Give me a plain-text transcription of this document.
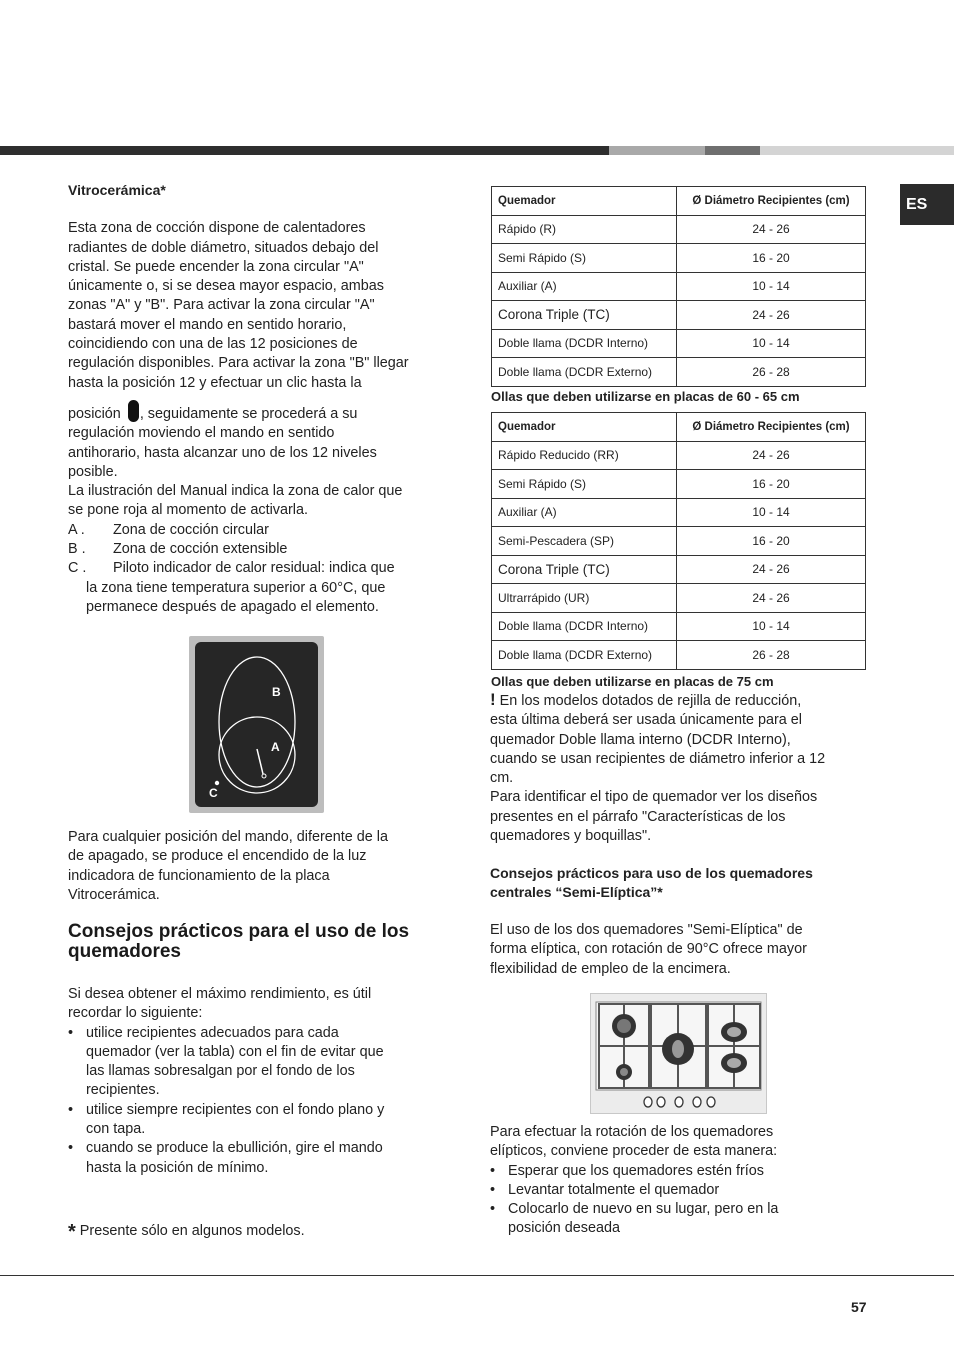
ES

Vitrocerámica*

Esta zona de cocción dispone de calentadores

radiantes de doble diámetro, situados debajo del

cristal. Se puede encender la zona circular "A"

únicamente o, si se desea mayor espacio, ambas

zonas "A" y "B". Para activar la zona circular "A"

bastará mover el mando en sentido horario,

coincidiendo con una de las 12 posiciones de

regulación disponibles. Para activar la zona "B" llegar

hasta la posición 12 y efectuar un clic hasta la

posición , seguidamente se procederá a su

regulación moviendo el mando en sentido

antihorario, hasta alcanzar uno de los 12 niveles

posible.

La ilustración del Manual indica la zona de calor que

se pone roja al momento de activarla.

A .	Zona de cocción circular
B .	Zona de cocción extensible
C .	Piloto indicador de calor residual: indica que

la zona tiene temperatura superior a 60°C, que

permanece después de apagado el elemento.

B
A
C

Para cualquier posición del mando, diferente de la

de apagado, se produce el encendido de la luz

indicadora de funcionamiento de la placa

Vitrocerámica.

Consejos prácticos para el uso de los quemadores

Si desea obtener el máximo rendimiento, es útil

recordar lo siguiente:

• utilice recipientes adecuados para cada

quemador (ver la tabla) con el fin de evitar que

las llamas sobresalgan por el fondo de los

recipientes.

• utilice siempre recipientes con el fondo plano y

con tapa.

• cuando se produce la ebullición, gire el mando

hasta la posición de mínimo.

* Presente sólo en algunos modelos.
Quemador	Ø Diámetro Recipientes (cm)
Rápido (R)	24 - 26
Semi Rápido (S)	16 - 20
Auxiliar (A)	10 - 14
Corona Triple (TC)	24 - 26
Doble llama (DCDR Interno)	10 - 14
Doble llama (DCDR Externo)	26 - 28
Ollas que deben utilizarse en placas de 60 - 65 cm
Quemador	Ø Diámetro Recipientes (cm)
Rápido Reducido (RR)	24 - 26
Semi Rápido (S)	16 - 20
Auxiliar (A)	10 - 14
Semi-Pescadera (SP)	16 - 20
Corona Triple (TC)	24 - 26
Ultrarrápido (UR)	24 - 26
Doble llama (DCDR Interno)	10 - 14
Doble llama (DCDR Externo)	26 - 28
Ollas que deben utilizarse en placas de 75 cm

! En los modelos dotados de rejilla de reducción,

esta última deberá ser usada únicamente para el

quemador Doble llama interno (DCDR Interno),

cuando se usan recipientes de diámetro inferior a 12

cm.

Para identificar el tipo de quemador ver los diseños

presentes en el párrafo "Características de los

quemadores y boquillas".

Consejos prácticos para uso de los quemadores

centrales “Semi-Elíptica”*

El uso de los dos quemadores "Semi-Elíptica" de

forma elíptica, con rotación de 90°C ofrece mayor

flexibilidad de empleo de la encimera.

Para efectuar la rotación de los quemadores

elípticos, conviene proceder de esta manera:

• Esperar que los quemadores estén fríos

• Levantar totalmente el quemador

• Colocarlo de nuevo en su lugar, pero en la

posición deseada

57
